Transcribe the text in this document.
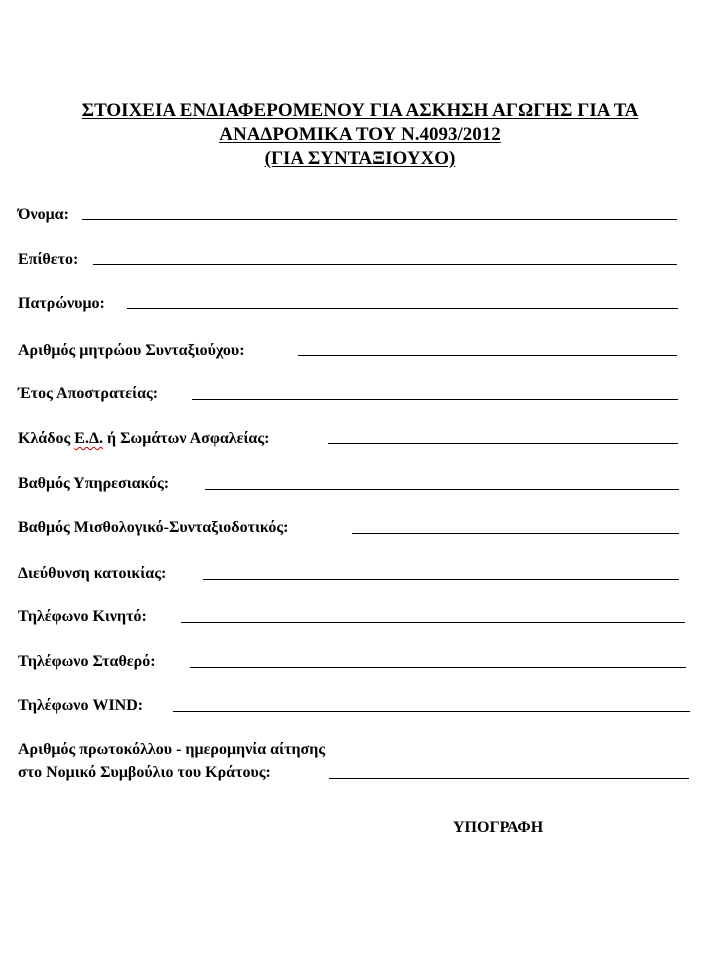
ΣΤΟΙΧΕΙΑ ΕΝΔΙΑΦΕΡΟΜΕΝΟΥ ΓΙΑ ΑΣΚΗΣΗ ΑΓΩΓΗΣ ΓΙΑ ΤΑ
ΑΝΑΔΡΟΜΙΚΑ ΤΟΥ Ν.4093/2012
(ΓΙΑ ΣΥΝΤΑΞΙΟΥΧΟ)
Όνομα:
Επίθετο:
Πατρώνυμο:
Αριθμός μητρώου Συνταξιούχου:
Έτος Αποστρατείας:
Κλάδος Ε.Δ. ή Σωμάτων Ασφαλείας:
Βαθμός Υπηρεσιακός:
Βαθμός Μισθολογικό-Συνταξιοδοτικός:
Διεύθυνση κατοικίας:
Τηλέφωνο Κινητό:
Τηλέφωνο Σταθερό:
Τηλέφωνο WIND:
Αριθμός πρωτοκόλλου - ημερομηνία αίτησης
στο Νομικό Συμβούλιο του Κράτους:
ΥΠΟΓΡΑΦΗ
